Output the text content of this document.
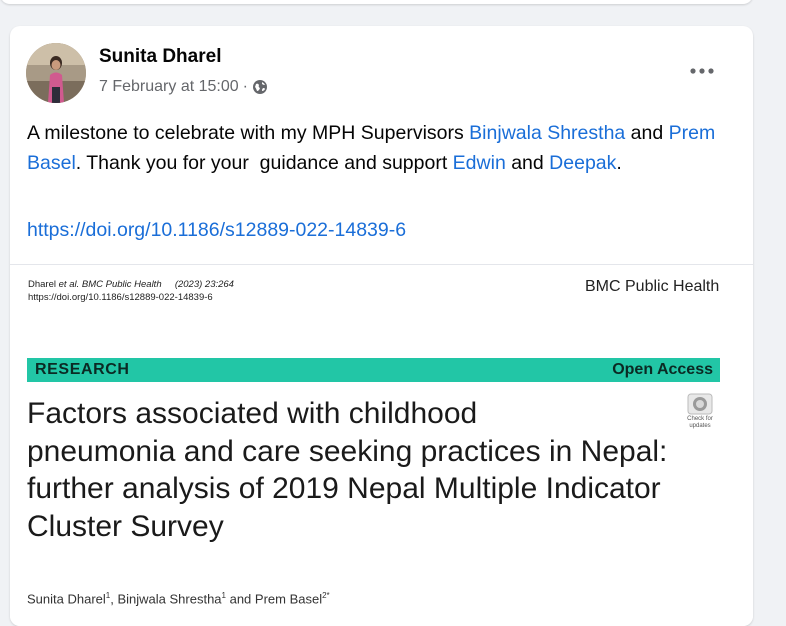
Sunita Dharel
7 February at 15:00 ·
A milestone to celebrate with my MPH Supervisors Binjwala Shrestha and Prem Basel. Thank you for your  guidance and support Edwin and Deepak.
https://doi.org/10.1186/s12889-022-14839-6
Dharel et al. BMC Public Health (2023) 23:264
https://doi.org/10.1186/s12889-022-14839-6
BMC Public Health
RESEARCH	Open Access
Factors associated with childhood
pneumonia and care seeking practices in Nepal:
further analysis of 2019 Nepal Multiple Indicator
Cluster Survey
Check for
updates
Sunita Dharel$^1$, Binjwala Shrestha$^1$ and Prem Basel$^{2*}$
